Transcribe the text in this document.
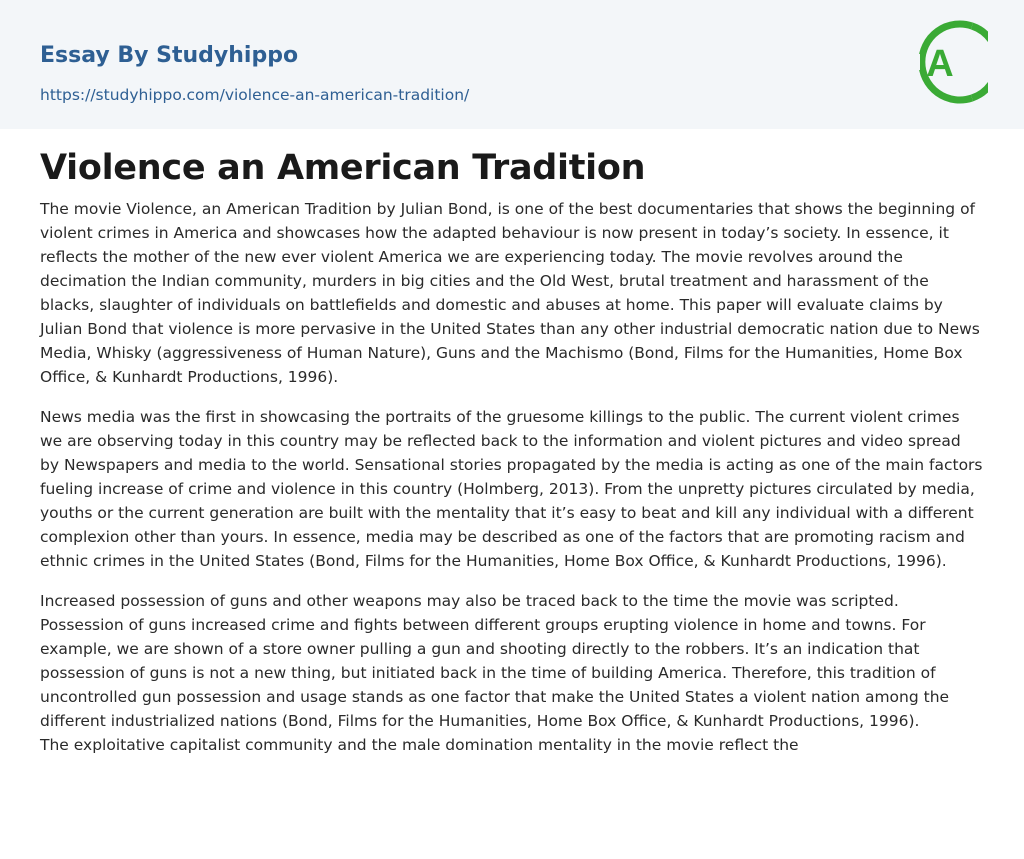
Essay By Studyhippo
https://studyhippo.com/violence-an-american-tradition/
A
Violence an American Tradition

The movie Violence, an American Tradition by Julian Bond, is one of the best documentaries that shows the beginning of violent crimes in America and showcases how the adapted behaviour is now present in today’s society. In essence, it reflects the mother of the new ever violent America we are experiencing today. The movie revolves around the decimation the Indian community, murders in big cities and the Old West, brutal treatment and harassment of the blacks, slaughter of individuals on battlefields and domestic and abuses at home. This paper will evaluate claims by Julian Bond that violence is more pervasive in the United States than any other industrial democratic nation due to News Media, Whisky (aggressiveness of Human Nature), Guns and the Machismo (Bond, Films for the Humanities, Home Box Office, & Kunhardt Productions, 1996).

News media was the first in showcasing the portraits of the gruesome killings to the public. The current violent crimes we are observing today in this country may be reflected back to the information and violent pictures and video spread by Newspapers and media to the world. Sensational stories propagated by the media is acting as one of the main factors fueling increase of crime and violence in this country (Holmberg, 2013). From the unpretty pictures circulated by media, youths or the current generation are built with the mentality that it’s easy to beat and kill any individual with a different complexion other than yours. In essence, media may be described as one of the factors that are promoting racism and ethnic crimes in the United States (Bond, Films for the Humanities, Home Box Office, & Kunhardt Productions, 1996).

Increased possession of guns and other weapons may also be traced back to the time the movie was scripted. Possession of guns increased crime and fights between different groups erupting violence in home and towns. For example, we are shown of a store owner pulling a gun and shooting directly to the robbers. It’s an indication that possession of guns is not a new thing, but initiated back in the time of building America. Therefore, this tradition of uncontrolled gun possession and usage stands as one factor that make the United States a violent nation among the different industrialized nations (Bond, Films for the Humanities, Home Box Office, & Kunhardt Productions, 1996).

The exploitative capitalist community and the male domination mentality in the movie reflect the
